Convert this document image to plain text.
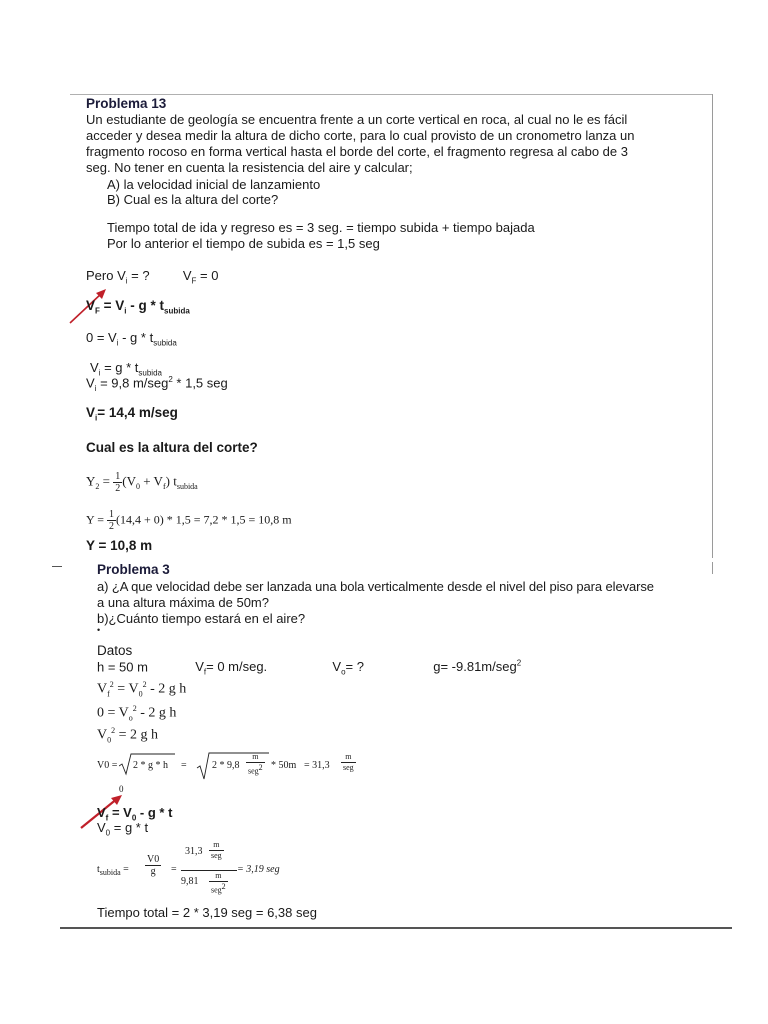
Problema 13
Un estudiante de geología se encuentra frente a un corte vertical en roca, al cual no le es fácil
acceder y desea medir la altura de dicho corte, para lo cual provisto de un cronometro lanza un
fragmento rocoso en forma vertical hasta el borde del corte, el fragmento regresa al cabo de 3
seg. No tener en cuenta la resistencia del aire y calcular;
A) la velocidad inicial de lanzamiento
B) Cual es la altura del corte?
Tiempo total de ida y regreso es = 3 seg. = tiempo subida + tiempo bajada
Por lo anterior el tiempo de subida es = 1,5 seg
Pero $V_i$ = ?	$V_F = 0$
$V_F = V_i - g * t_{subida}$
$0 = V_i - g * t_{subida}$
$V_i = g * t_{subida}$
$V_i = 9,8$ m/seg$^2$ * 1,5 seg
$V_i= 14,4$ m/seg
Cual es la altura del corte?
$Y_2 = \frac{1}{2} (V_0 + V_f)$ $t_{subida}$
$Y = \frac{1}{2} (14,4 + 0) * 1,5 = 7,2 * 1,5 = 10,8$ m
Y = 10,8 m
Problema 3
a) ¿A que velocidad debe ser lanzada una bola verticalmente desde el nivel del piso para elevarse
a una altura máxima de 50m?
b)¿Cuánto tiempo estará en el aire?
•
Datos
h = 50 m	$V_f= 0$ m/seg.	$V_o=$ ?	g= -9.81m/seg$^2$
$V_f^2 = V_0^2 - 2$ g h
$0 = V_o^2 - 2$ g h
$V_0^2 = 2$ g h
V0 = 2 * g * h =	2 * 9,8
m
seg$^2$ * 50m = 31,3
m
seg
0
$V_f = V_0 - g * t$
$V_0 = g * t$
$t_{subida} = \frac{V0}{g}$ =
31,3
m
seg
9,81
m
seg$^2$
= 3,19 seg
Tiempo total = 2 * 3,19 seg = 6,38 seg
